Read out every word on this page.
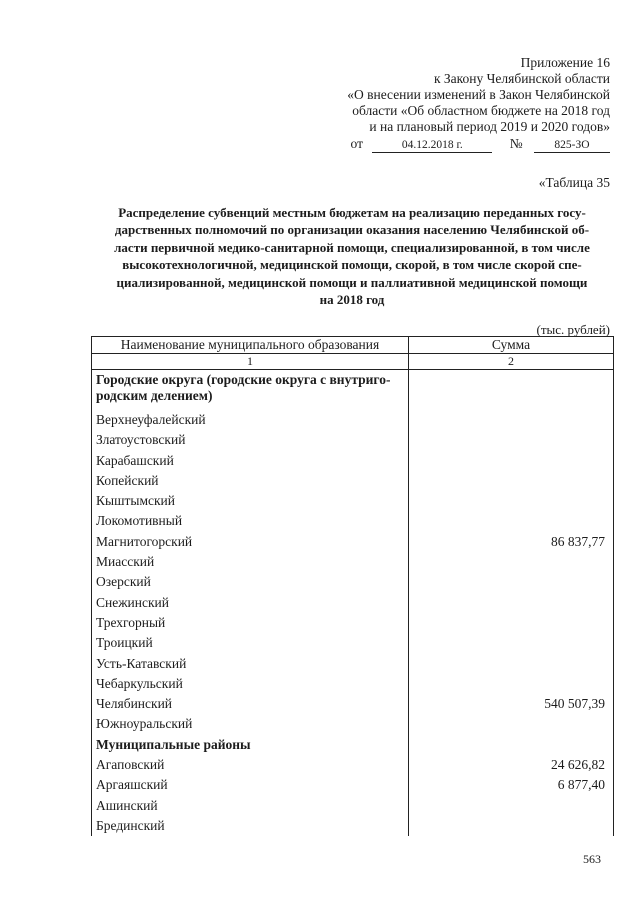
Приложение 16
к Закону Челябинской области
«О внесении изменений в Закон Челябинской
области «Об областном бюджете на 2018 год
и на плановый период 2019 и 2020 годов»
от	04.12.2018 г.	№	825-ЗО
«Таблица 35
Распределение субвенций местным бюджетам на реализацию переданных госу-
дарственных полномочий по организации оказания населению Челябинской об-
ласти первичной медико-санитарной помощи, специализированной, в том числе
высокотехнологичной, медицинской помощи, скорой, в том числе скорой спе-
циализированной, медицинской помощи и паллиативной медицинской помощи
на 2018 год
(тыс. рублей)
Наименование муниципального образования	Сумма
1	2
Городские округа (городские округа с внутриго-
родским делением)	
Верхнеуфалейский	
Златоустовский	
Карабашский	
Копейский	
Кыштымский	
Локомотивный	
Магнитогорский	86 837,77
Миасский	
Озерский	
Снежинский	
Трехгорный	
Троицкий	
Усть-Катавский	
Чебаркульский	
Челябинский	540 507,39
Южноуральский	
Муниципальные районы	
Агаповский	24 626,82
Аргаяшский	6 877,40
Ашинский	
Брединский	
563
